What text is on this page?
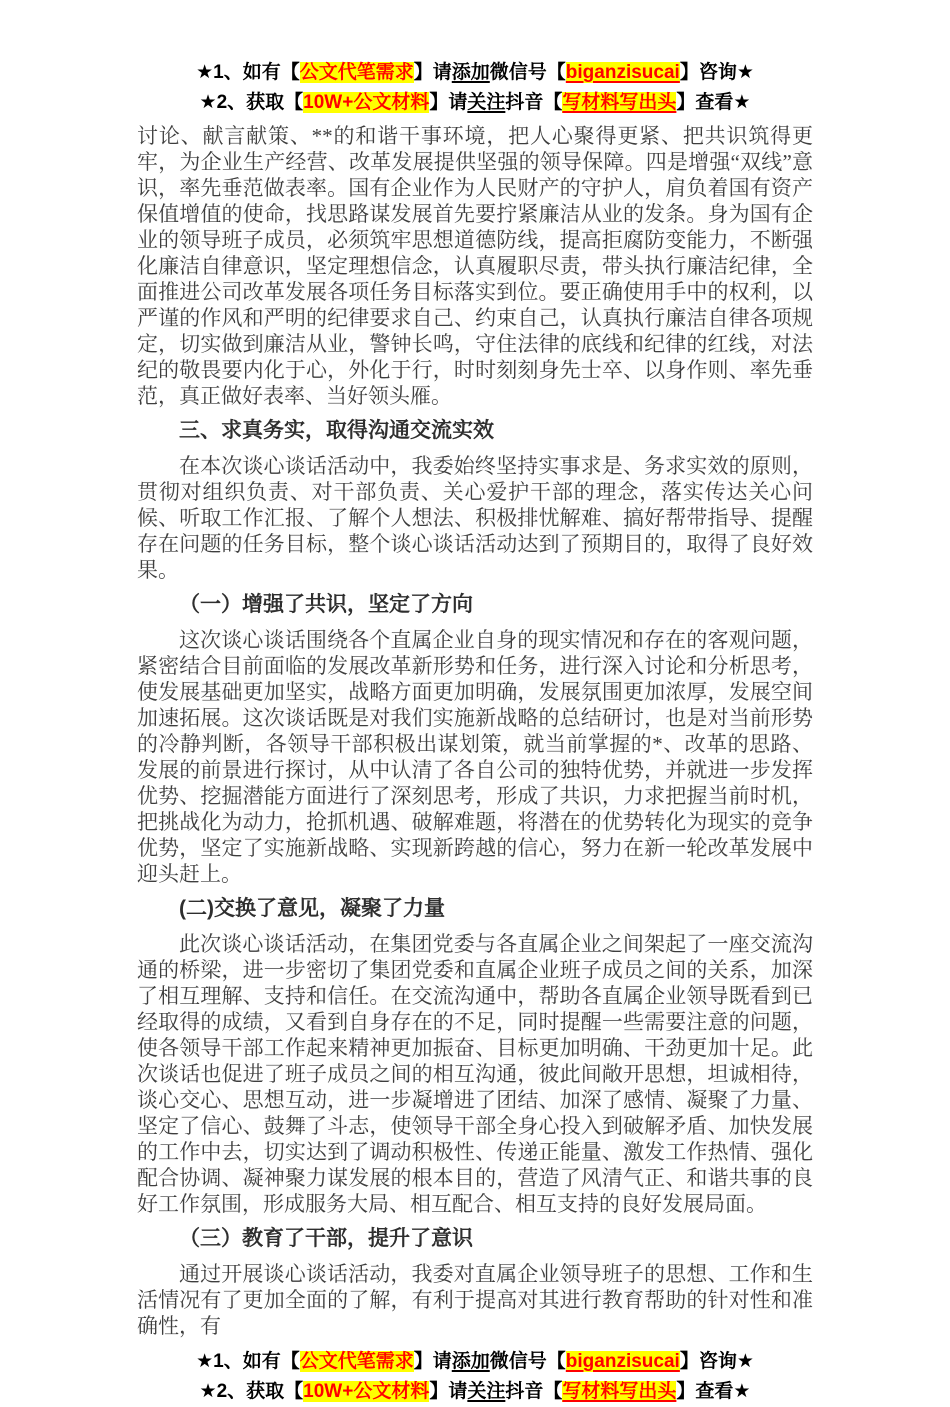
★1、如有【公文代笔需求】请添加微信号【biganzisucai】咨询★
★2、获取【10W+公文材料】请关注抖音【写材料写出头】查看★

讨论、献言献策、**的和谐干事环境，把人心聚得更紧、把共识筑得更牢，为企业生产经营、改革发展提供坚强的领导保障。四是增强“双线”意识，率先垂范做表率。国有企业作为人民财产的守护人，肩负着国有资产保值增值的使命，找思路谋发展首先要拧紧廉洁从业的发条。身为国有企业的领导班子成员，必须筑牢思想道德防线，提高拒腐防变能力，不断强化廉洁自律意识，坚定理想信念，认真履职尽责，带头执行廉洁纪律，全面推进公司改革发展各项任务目标落实到位。要正确使用手中的权利，以严谨的作风和严明的纪律要求自己、约束自己，认真执行廉洁自律各项规定，切实做到廉洁从业，警钟长鸣，守住法律的底线和纪律的红线，对法纪的敬畏要内化于心，外化于行，时时刻刻身先士卒、以身作则、率先垂范，真正做好表率、当好领头雁。

三、求真务实，取得沟通交流实效

在本次谈心谈话活动中，我委始终坚持实事求是、务求实效的原则，贯彻对组织负责、对干部负责、关心爱护干部的理念，落实传达关心问候、听取工作汇报、了解个人想法、积极排忧解难、搞好帮带指导、提醒存在问题的任务目标，整个谈心谈话活动达到了预期目的，取得了良好效果。

（一）增强了共识，坚定了方向

这次谈心谈话围绕各个直属企业自身的现实情况和存在的客观问题，紧密结合目前面临的发展改革新形势和任务，进行深入讨论和分析思考，使发展基础更加坚实，战略方面更加明确，发展氛围更加浓厚，发展空间加速拓展。这次谈话既是对我们实施新战略的总结研讨，也是对当前形势的冷静判断，各领导干部积极出谋划策，就当前掌握的*、改革的思路、发展的前景进行探讨，从中认清了各自公司的独特优势，并就进一步发挥优势、挖掘潜能方面进行了深刻思考，形成了共识，力求把握当前时机，把挑战化为动力，抢抓机遇、破解难题，将潜在的优势转化为现实的竞争优势，坚定了实施新战略、实现新跨越的信心，努力在新一轮改革发展中迎头赶上。

(二)交换了意见，凝聚了力量

此次谈心谈话活动，在集团党委与各直属企业之间架起了一座交流沟通的桥梁，进一步密切了集团党委和直属企业班子成员之间的关系，加深了相互理解、支持和信任。在交流沟通中，帮助各直属企业领导既看到已经取得的成绩，又看到自身存在的不足，同时提醒一些需要注意的问题，使各领导干部工作起来精神更加振奋、目标更加明确、干劲更加十足。此次谈话也促进了班子成员之间的相互沟通，彼此间敞开思想，坦诚相待，谈心交心、思想互动，进一步凝增进了团结、加深了感情、凝聚了力量、坚定了信心、鼓舞了斗志，使领导干部全身心投入到破解矛盾、加快发展的工作中去，切实达到了调动积极性、传递正能量、激发工作热情、强化配合协调、凝神聚力谋发展的根本目的，营造了风清气正、和谐共事的良好工作氛围，形成服务大局、相互配合、相互支持的良好发展局面。

（三）教育了干部，提升了意识

通过开展谈心谈话活动，我委对直属企业领导班子的思想、工作和生活情况有了更加全面的了解，有利于提高对其进行教育帮助的针对性和准确性，有

★1、如有【公文代笔需求】请添加微信号【biganzisucai】咨询★
★2、获取【10W+公文材料】请关注抖音【写材料写出头】查看★
